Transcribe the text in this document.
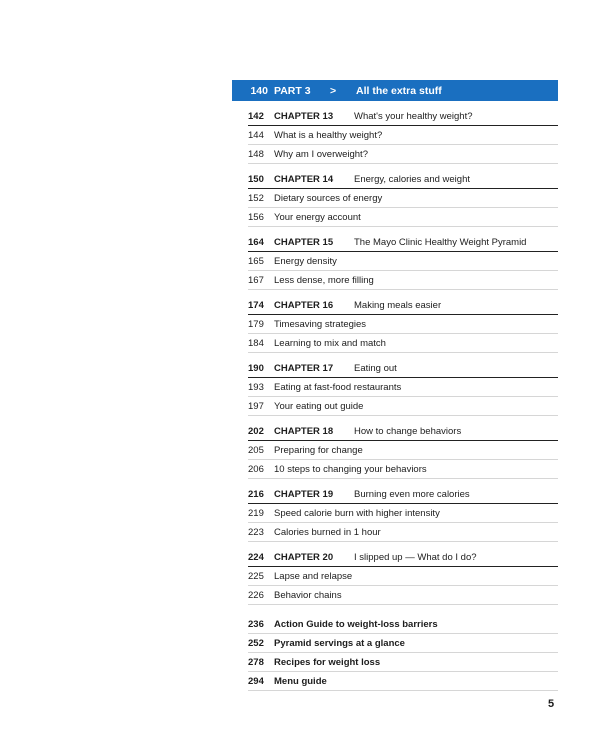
140 PART 3	>	All the extra stuff
142	CHAPTER 13	What's your healthy weight?
144	What is a healthy weight?
148	Why am I overweight?
150	CHAPTER 14	Energy, calories and weight
152	Dietary sources of energy
156	Your energy account
164	CHAPTER 15	The Mayo Clinic Healthy Weight Pyramid
165	Energy density
167	Less dense, more filling
174	CHAPTER 16	Making meals easier
179	Timesaving strategies
184	Learning to mix and match
190	CHAPTER 17	Eating out
193	Eating at fast-food restaurants
197	Your eating out guide
202	CHAPTER 18	How to change behaviors
205	Preparing for change
206	10 steps to changing your behaviors
216	CHAPTER 19	Burning even more calories
219	Speed calorie burn with higher intensity
223	Calories burned in 1 hour
224	CHAPTER 20	I slipped up — What do I do?
225	Lapse and relapse
226	Behavior chains
236	Action Guide to weight-loss barriers
252	Pyramid servings at a glance
278	Recipes for weight loss
294	Menu guide
5
